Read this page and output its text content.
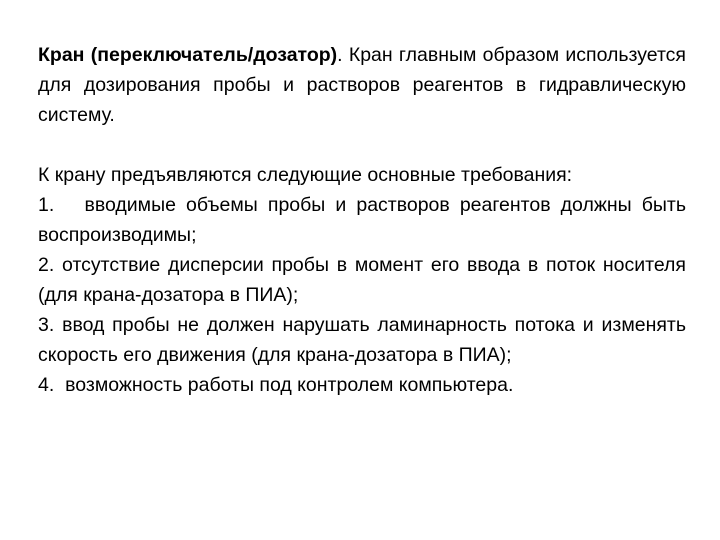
Кран (переключатель/дозатор). Кран главным образом используется для дозирования пробы и растворов реагентов в гидравлическую систему.

К крану предъявляются следующие основные требования:

1. вводимые объемы пробы и растворов реагентов должны быть воспроизводимы;
2. отсутствие дисперсии пробы в момент его ввода в поток носителя (для крана-дозатора в ПИА);
3. ввод пробы не должен нарушать ламинарность потока и изменять скорость его движения (для крана-дозатора в ПИА);
4. возможность работы под контролем компьютера.
